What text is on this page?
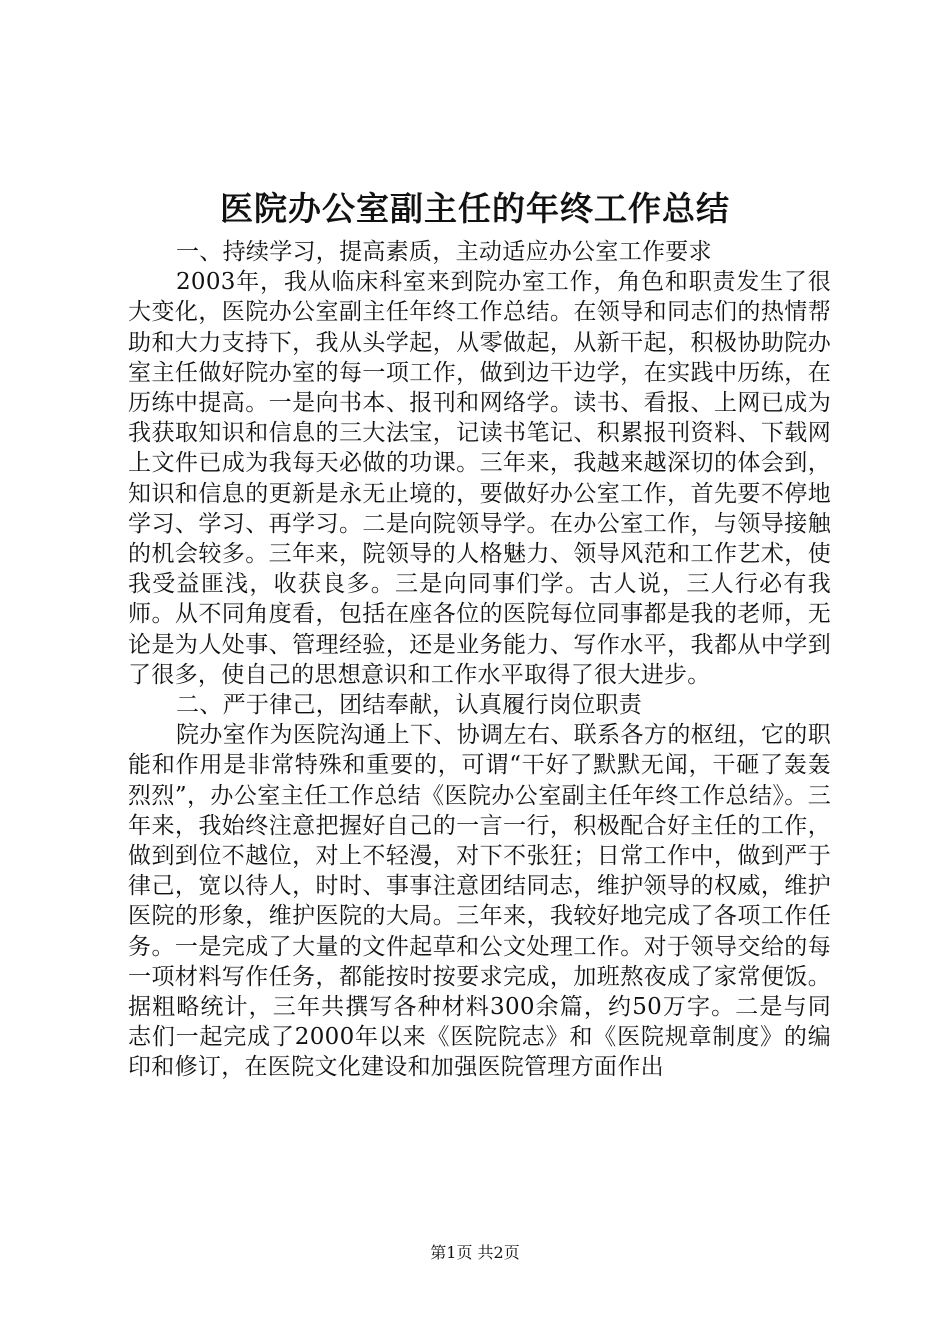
医院办公室副主任的年终工作总结

一、持续学习，提高素质，主动适应办公室工作要求

2003年，我从临床科室来到院办室工作，角色和职责发生了很大变化，医院办公室副主任年终工作总结。在领导和同志们的热情帮助和大力支持下，我从头学起，从零做起，从新干起，积极协助院办室主任做好院办室的每一项工作，做到边干边学，在实践中历练，在历练中提高。一是向书本、报刊和网络学。读书、看报、上网已成为我获取知识和信息的三大法宝，记读书笔记、积累报刊资料、下载网上文件已成为我每天必做的功课。三年来，我越来越深切的体会到，知识和信息的更新是永无止境的，要做好办公室工作，首先要不停地学习、学习、再学习。二是向院领导学。在办公室工作，与领导接触的机会较多。三年来，院领导的人格魅力、领导风范和工作艺术，使我受益匪浅，收获良多。三是向同事们学。古人说，三人行必有我师。从不同角度看，包括在座各位的医院每位同事都是我的老师，无论是为人处事、管理经验，还是业务能力、写作水平，我都从中学到了很多，使自己的思想意识和工作水平取得了很大进步。

二、严于律己，团结奉献，认真履行岗位职责

院办室作为医院沟通上下、协调左右、联系各方的枢纽，它的职能和作用是非常特殊和重要的，可谓“干好了默默无闻，干砸了轰轰烈烈”，办公室主任工作总结《医院办公室副主任年终工作总结》。三年来，我始终注意把握好自己的一言一行，积极配合好主任的工作，做到到位不越位，对上不轻漫，对下不张狂；日常工作中，做到严于律己，宽以待人，时时、事事注意团结同志，维护领导的权威，维护医院的形象，维护医院的大局。三年来，我较好地完成了各项工作任务。一是完成了大量的文件起草和公文处理工作。对于领导交给的每一项材料写作任务，都能按时按要求完成，加班熬夜成了家常便饭。据粗略统计，三年共撰写各种材料300余篇，约50万字。二是与同志们一起完成了2000年以来《医院院志》和《医院规章制度》的编印和修订，在医院文化建设和加强医院管理方面作出

第1页 共2页
